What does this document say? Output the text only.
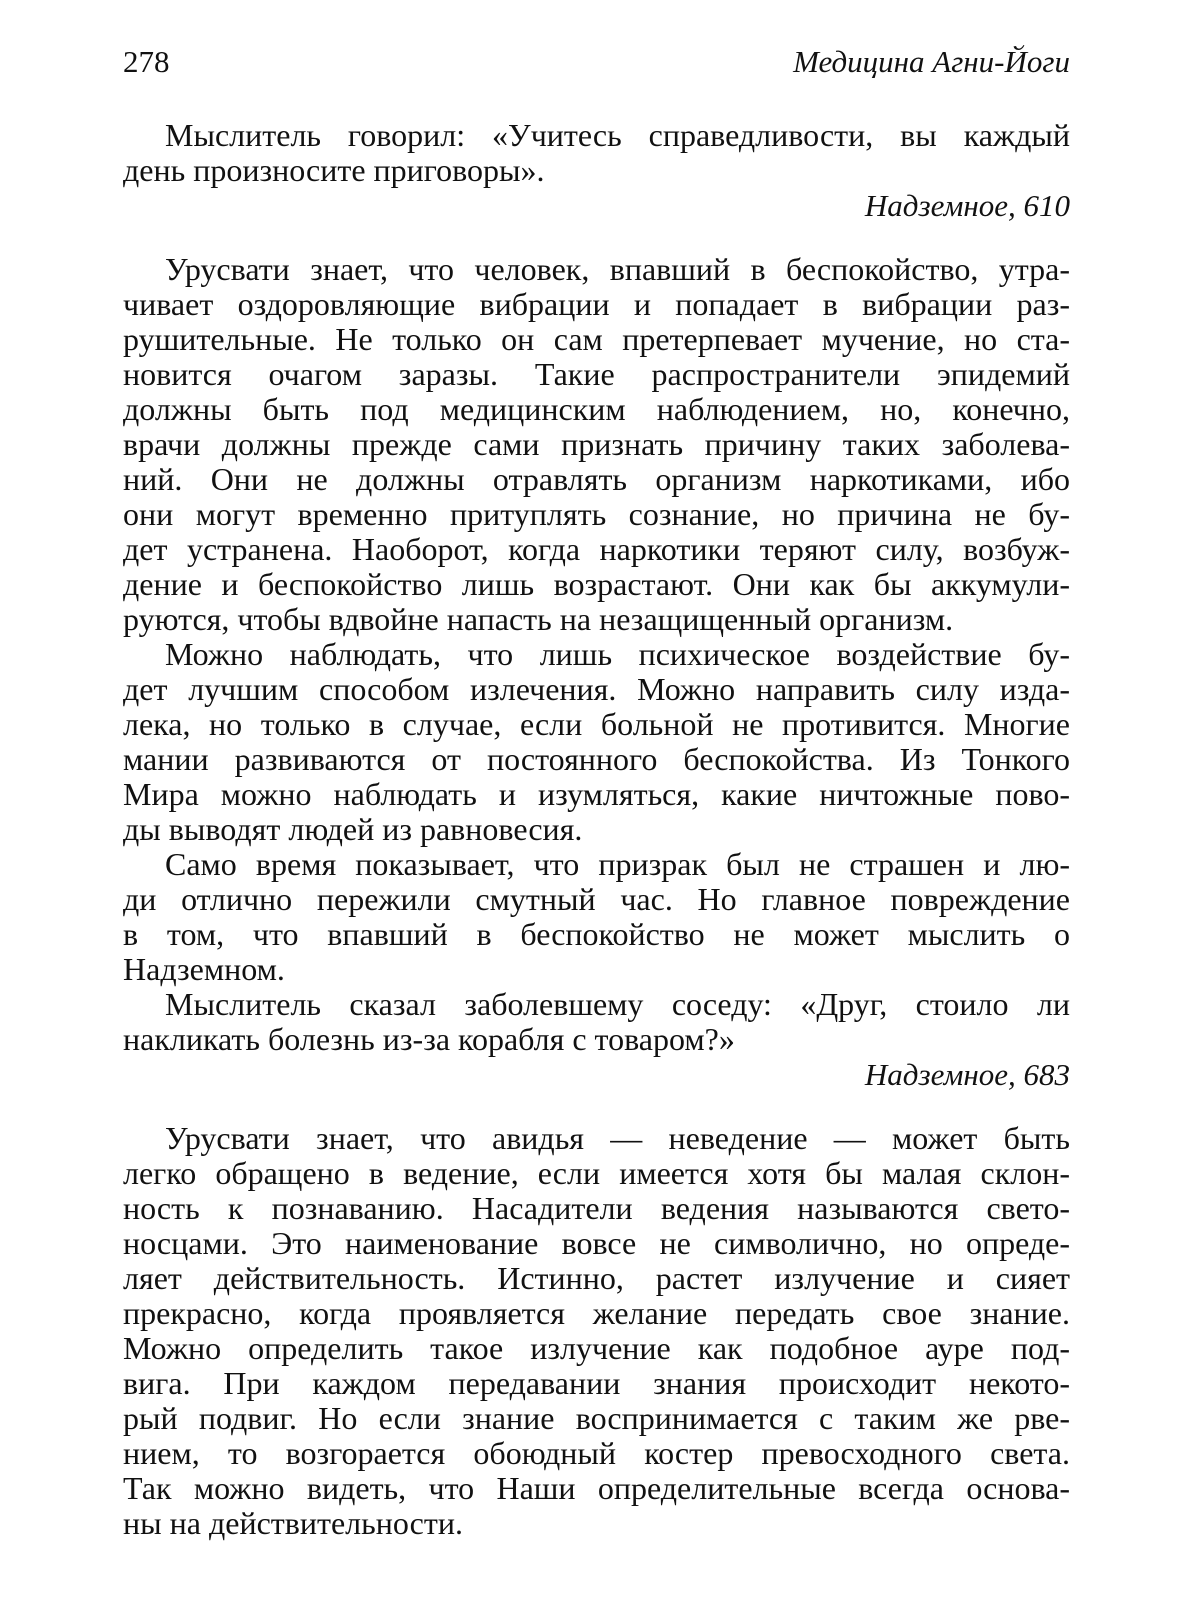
278	Медицина Агни-Йоги
Мыслитель говорил: «Учитесь справедливости, вы каждый
день произносите приговоры».
Надземное, 610
Урусвати знает, что человек, впавший в беспокойство, утра-
чивает оздоровляющие вибрации и попадает в вибрации раз-
рушительные. Не только он сам претерпевает мучение, но ста-
новится очагом заразы. Такие распространители эпидемий
должны быть под медицинским наблюдением, но, конечно,
врачи должны прежде сами признать причину таких заболева-
ний. Они не должны отравлять организм наркотиками, ибо
они могут временно притуплять сознание, но причина не бу-
дет устранена. Наоборот, когда наркотики теряют силу, возбуж-
дение и беспокойство лишь возрастают. Они как бы аккумули-
руются, чтобы вдвойне напасть на незащищенный организм.
Можно наблюдать, что лишь психическое воздействие бу-
дет лучшим способом излечения. Можно направить силу изда-
лека, но только в случае, если больной не противится. Многие
мании развиваются от постоянного беспокойства. Из Тонкого
Мира можно наблюдать и изумляться, какие ничтожные пово-
ды выводят людей из равновесия.
Само время показывает, что призрак был не страшен и лю-
ди отлично пережили смутный час. Но главное повреждение
в том, что впавший в беспокойство не может мыслить о
Надземном.
Мыслитель сказал заболевшему соседу: «Друг, стоило ли
накликать болезнь из-за корабля с товаром?»
Надземное, 683
Урусвати знает, что авидья — неведение — может быть
легко обращено в ведение, если имеется хотя бы малая склон-
ность к познаванию. Насадители ведения называются свето-
носцами. Это наименование вовсе не символично, но опреде-
ляет действительность. Истинно, растет излучение и сияет
прекрасно, когда проявляется желание передать свое знание.
Можно определить такое излучение как подобное ауре под-
вига. При каждом передавании знания происходит некото-
рый подвиг. Но если знание воспринимается с таким же рве-
нием, то возгорается обоюдный костер превосходного света.
Так можно видеть, что Наши определительные всегда основа-
ны на действительности.
